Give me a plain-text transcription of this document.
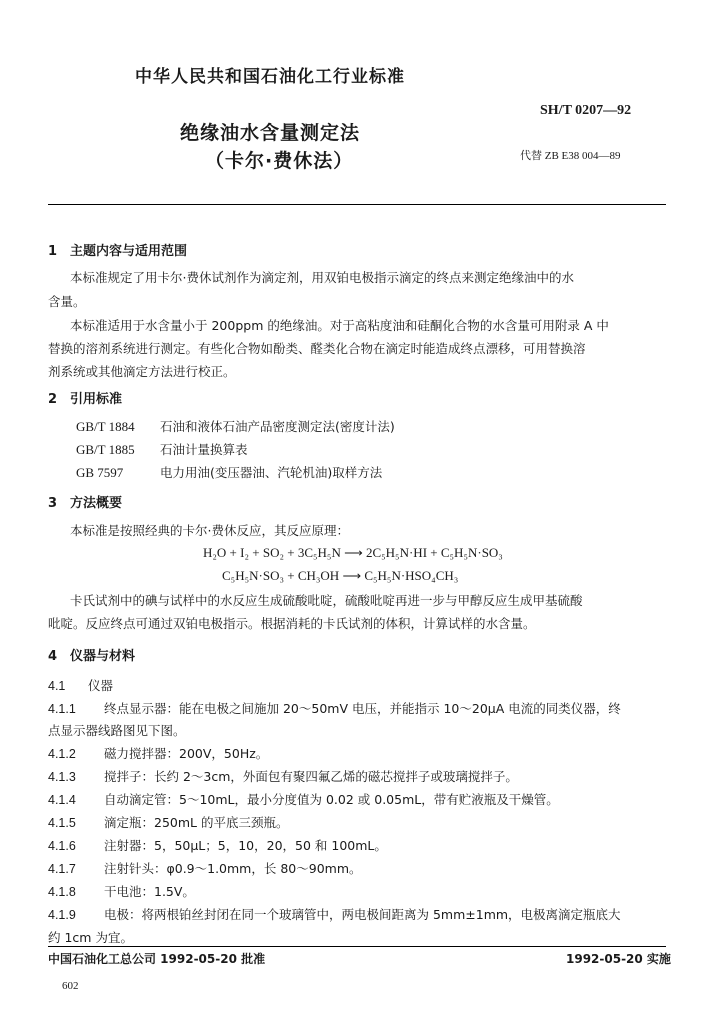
中华人民共和国石油化工行业标准
SH/T 0207—92
绝缘油水含量测定法
（卡尔·费休法）	代替 ZB E38 004—89
1 主题内容与适用范围
本标准规定了用卡尔·费休试剂作为滴定剂，用双铂电极指示滴定的终点来测定绝缘油中的水
含量。
本标准适用于水含量小于 200ppm 的绝缘油。对于高粘度油和硅酮化合物的水含量可用附录 A 中
替换的溶剂系统进行测定。有些化合物如酚类、醛类化合物在滴定时能造成终点漂移，可用替换溶
剂系统或其他滴定方法进行校正。
2 引用标准
GB/T 1884 石油和液体石油产品密度测定法(密度计法)
GB/T 1885 石油计量换算表
GB 7597	电力用油(变压器油、汽轮机油)取样方法
3 方法概要
本标准是按照经典的卡尔·费休反应，其反应原理：
H₂O + I₂ + SO₂ + 3C₅H₅N ⟶ 2C₅H₅N·HI + C₅H₅N·SO₃
C₅H₅N·SO₃ + CH₃OH ⟶ C₅H₅N·HSO₄CH₃
卡氏试剂中的碘与试样中的水反应生成硫酸吡啶，硫酸吡啶再进一步与甲醇反应生成甲基硫酸
吡啶。反应终点可通过双铂电极指示。根据消耗的卡氏试剂的体积，计算试样的水含量。
4 仪器与材料
4.1 仪器
4.1.1 终点显示器：能在电极之间施加 20～50mV 电压，并能指示 10～20μA 电流的同类仪器，终
点显示器线路图见下图。
4.1.2 磁力搅拌器：200V，50Hz。
4.1.3 搅拌子：长约 2～3cm，外面包有聚四氟乙烯的磁芯搅拌子或玻璃搅拌子。
4.1.4 自动滴定管：5～10mL，最小分度值为 0.02 或 0.05mL，带有贮液瓶及干燥管。
4.1.5 滴定瓶：250mL 的平底三颈瓶。
4.1.6 注射器：5，50μL；5，10，20，50 和 100mL。
4.1.7 注射针头：φ0.9～1.0mm，长 80～90mm。
4.1.8 干电池：1.5V。
4.1.9 电极：将两根铂丝封闭在同一个玻璃管中，两电极间距离为 5mm±1mm，电极离滴定瓶底大
约 1cm 为宜。
中国石油化工总公司 1992-05-20 批准	1992-05-20 实施
602
